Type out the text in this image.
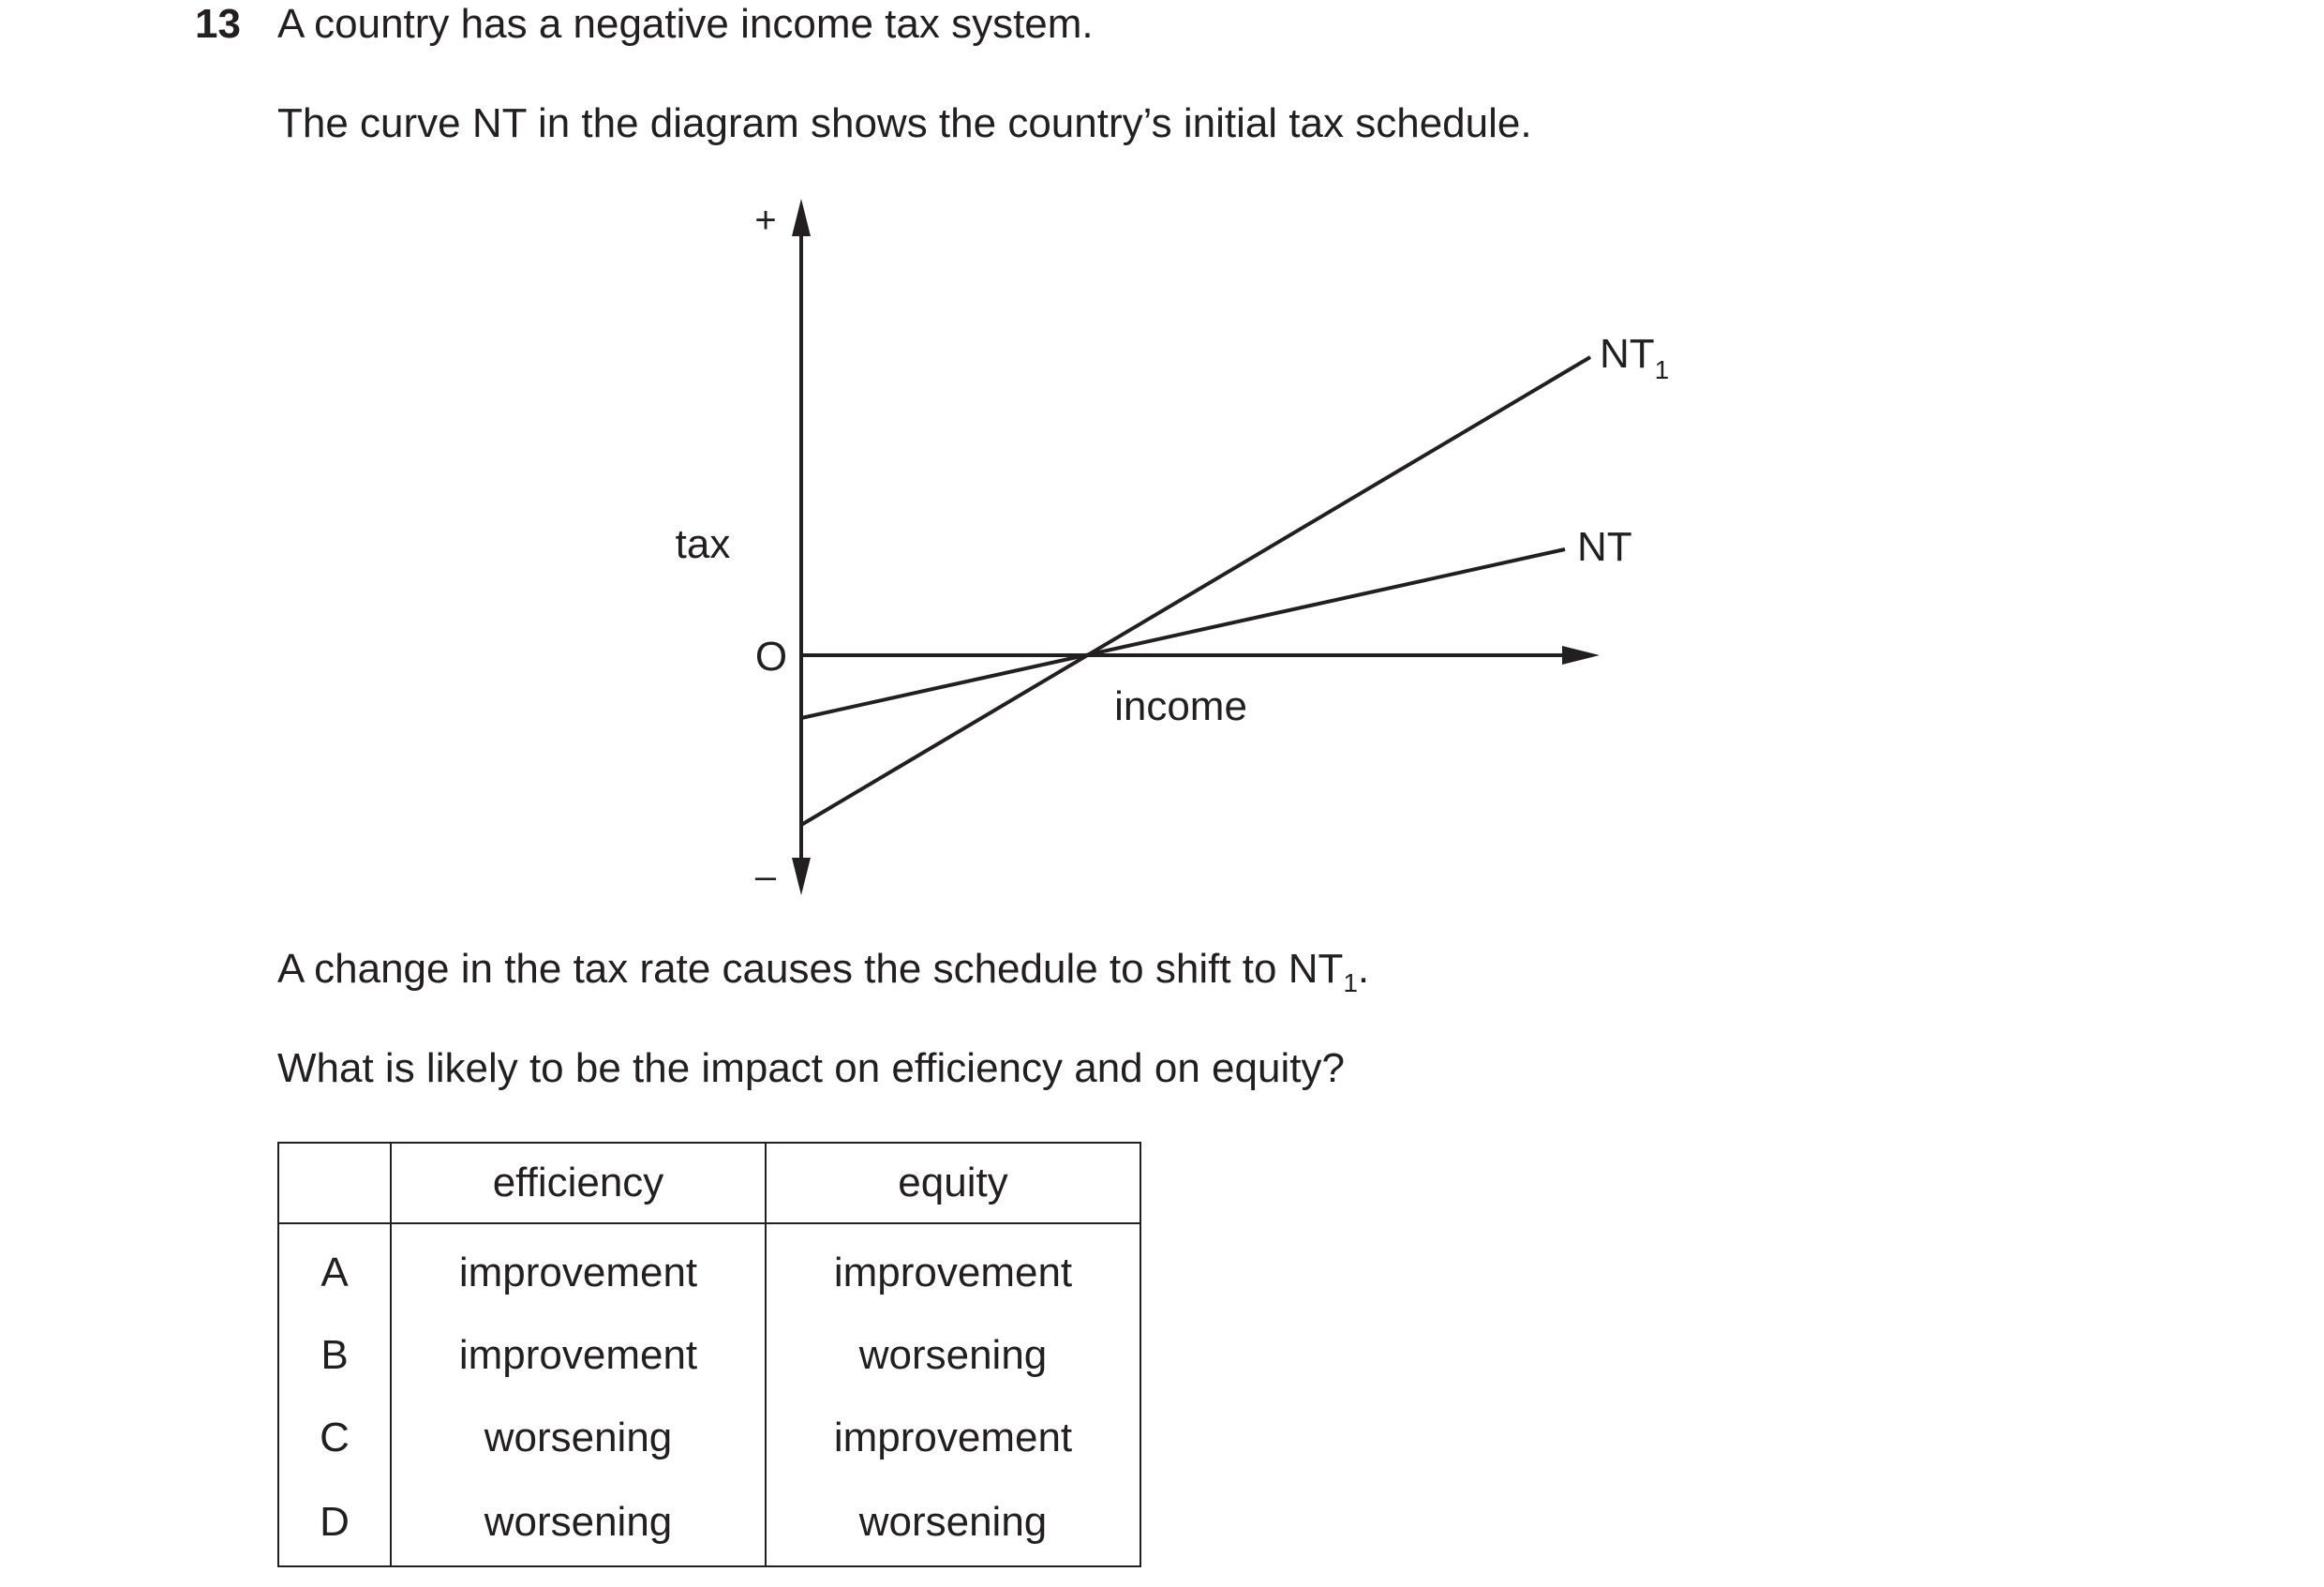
13 A country has a negative income tax system.
The curve NT in the diagram shows the country’s initial tax schedule.
+
–
tax
O
income
NT
$NT_1$
A change in the tax rate causes the schedule to shift to $NT_1$.
What is likely to be the impact on efficiency and on equity?
	efficiency	equity
A	improvement	improvement
B	improvement	worsening
C	worsening	improvement
D	worsening	worsening
